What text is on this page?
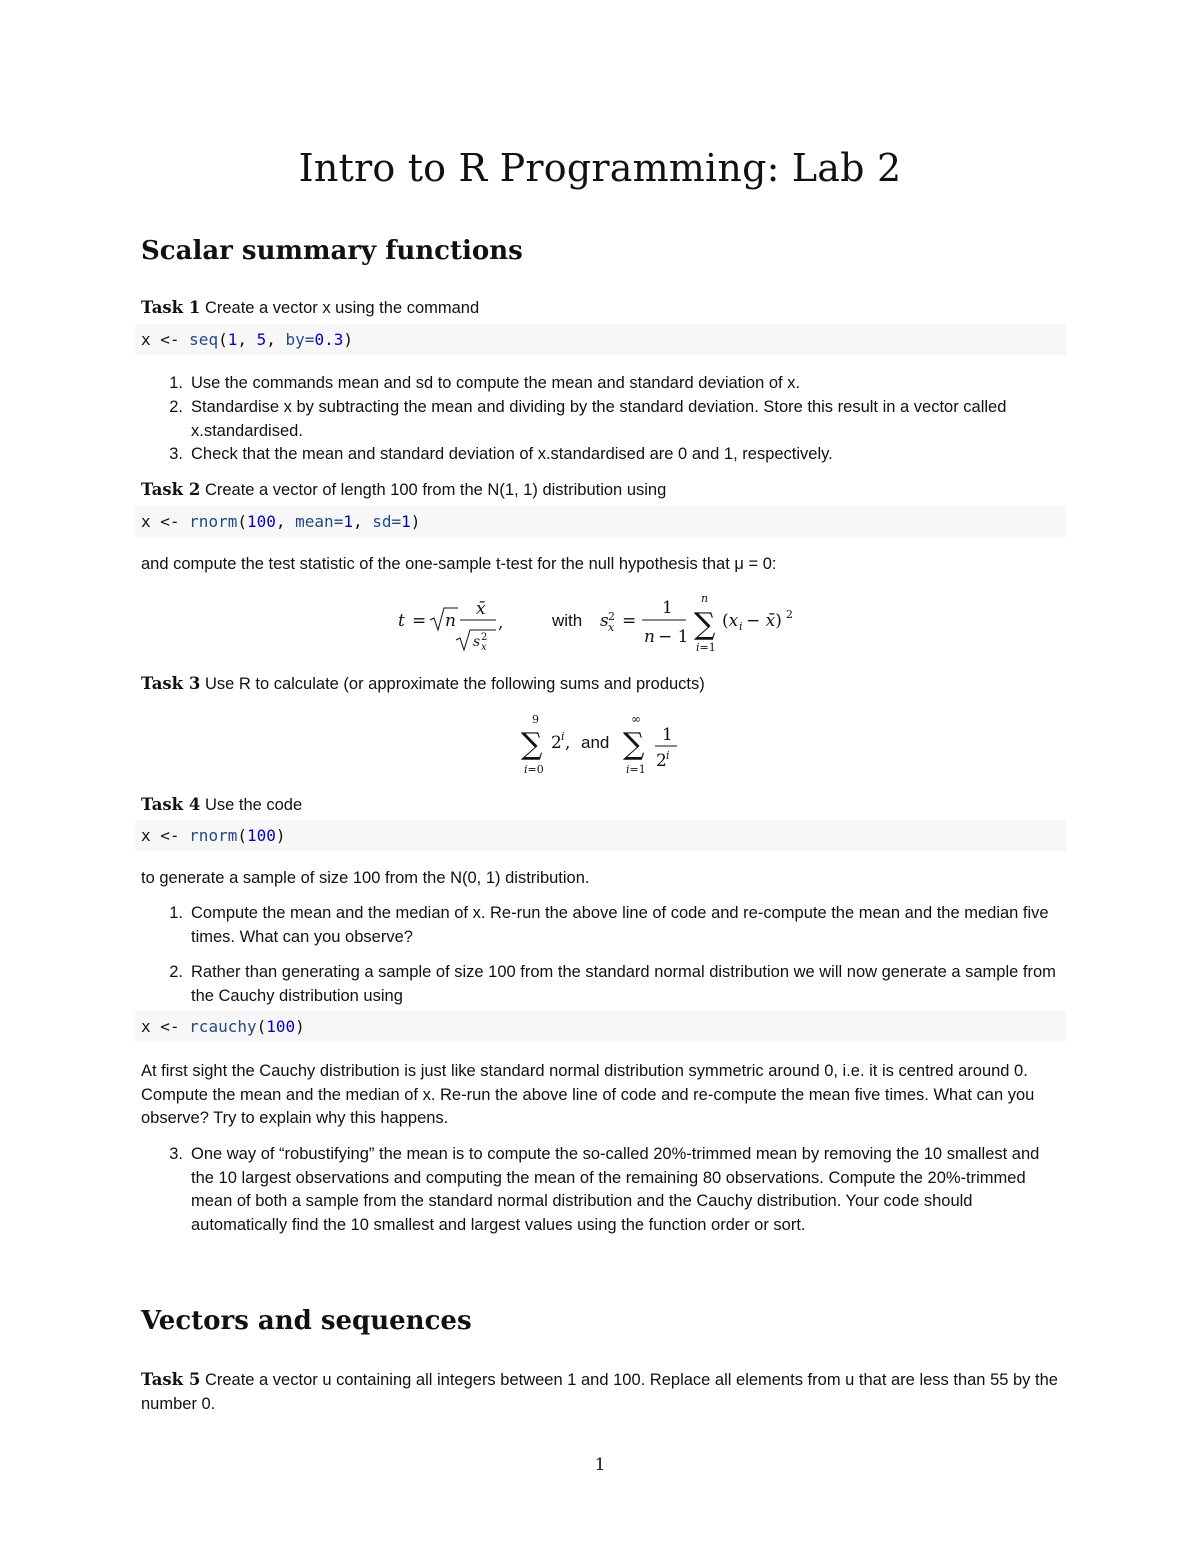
Intro to R Programming: Lab 2
Scalar summary functions
Task 1 Create a vector x using the command
x <- seq(1, 5, by=0.3)
1. Use the commands mean and sd to compute the mean and standard deviation of x.
2. Standardise x by subtracting the mean and dividing by the standard deviation. Store this result in a vector called x.standardised.
3. Check that the mean and standard deviation of x.standardised are 0 and 1, respectively.
Task 2 Create a vector of length 100 from the N(1, 1) distribution using
x <- rnorm(100, mean=1, sd=1)
and compute the test statistic of the one-sample t-test for the null hypothesis that μ = 0:
t = n
x̄
s 2
x
,	with s 2
x =
1
n − 1 ∑
n
i=1
(x i − x̄) 2
Task 3 Use R to calculate (or approximate the following sums and products)
∑
9
i=0
2 i , and ∑
∞
i=1
1
2 i
Task 4 Use the code
x <- rnorm(100)
to generate a sample of size 100 from the N(0, 1) distribution.
1. Compute the mean and the median of x. Re-run the above line of code and re-compute the mean and the median five times. What can you observe?
2. Rather than generating a sample of size 100 from the standard normal distribution we will now generate a sample from the Cauchy distribution using
x <- rcauchy(100)
At first sight the Cauchy distribution is just like standard normal distribution symmetric around 0, i.e. it is centred around 0. Compute the mean and the median of x. Re-run the above line of code and re-compute the mean five times. What can you observe? Try to explain why this happens.
3. One way of “robustifying” the mean is to compute the so-called 20%-trimmed mean by removing the 10 smallest and the 10 largest observations and computing the mean of the remaining 80 observations. Compute the 20%-trimmed mean of both a sample from the standard normal distribution and the Cauchy distribution. Your code should automatically find the 10 smallest and largest values using the function order or sort.
Vectors and sequences
Task 5 Create a vector u containing all integers between 1 and 100. Replace all elements from u that are less than 55 by the number 0.
1
